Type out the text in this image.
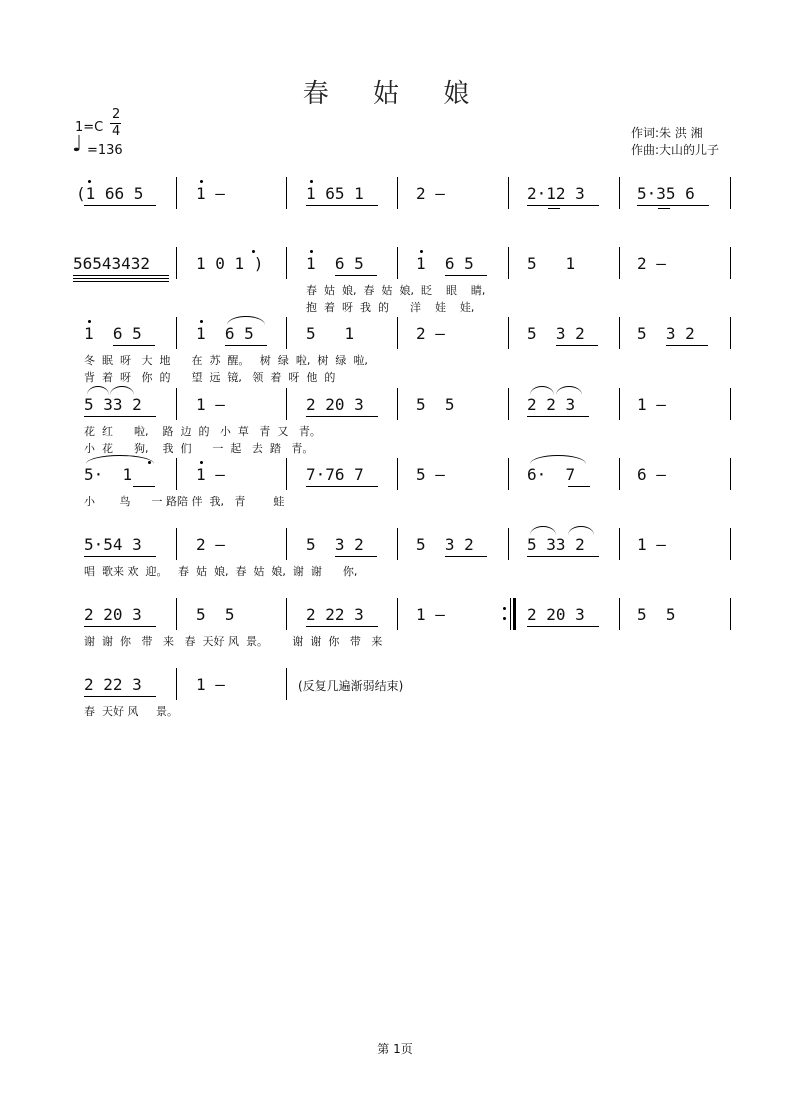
春 姑 娘
1=C
2
4
♩ =136
作词:朱 洪 湘
作曲:大山的儿子
(1 66 5	1 –	1 65 1	2 –	2·12 3	5·35 6
56543432	1 0 1 )	1  6 5	1  6 5	5   1	2 –
春  姑  娘,  春  姑  娘,  眨    眼    睛,
抱  着  呀  我  的      洋    娃    娃,
1  6 5	1  6 5	5   1	2 –	5  3 2	5  3 2
冬  眠  呀   大  地      在  苏  醒。   树  绿  啦,  树  绿  啦,
背  着  呀   你  的      望  远  镜,   领  着  呀  他  的
5 33 2	1 –	2 20 3	5  5	2 2 3	1 –
花  红      啦,    路  边  的   小  草   青  又   青。
小  花      狗,    我  们      一  起   去  踏   青。
5·  1	1 –	7·76 7	5 –	6·  7	6 –
小       鸟      一 路陪 伴  我,   青        蛙
5·54 3	2 –	5  3 2	5  3 2	5 33 2	1 –
唱  歌来 欢  迎。   春  姑  娘,  春  姑  娘,  谢  谢      你,
2 20 3	5  5	2 22 3	1 –	2 20 3	5  5
谢  谢  你   带   来   春  天好 风  景。       谢  谢  你   带   来
2 22 3	1 –	(反复几遍渐弱结束)
春  天好 风     景。
第 1页
